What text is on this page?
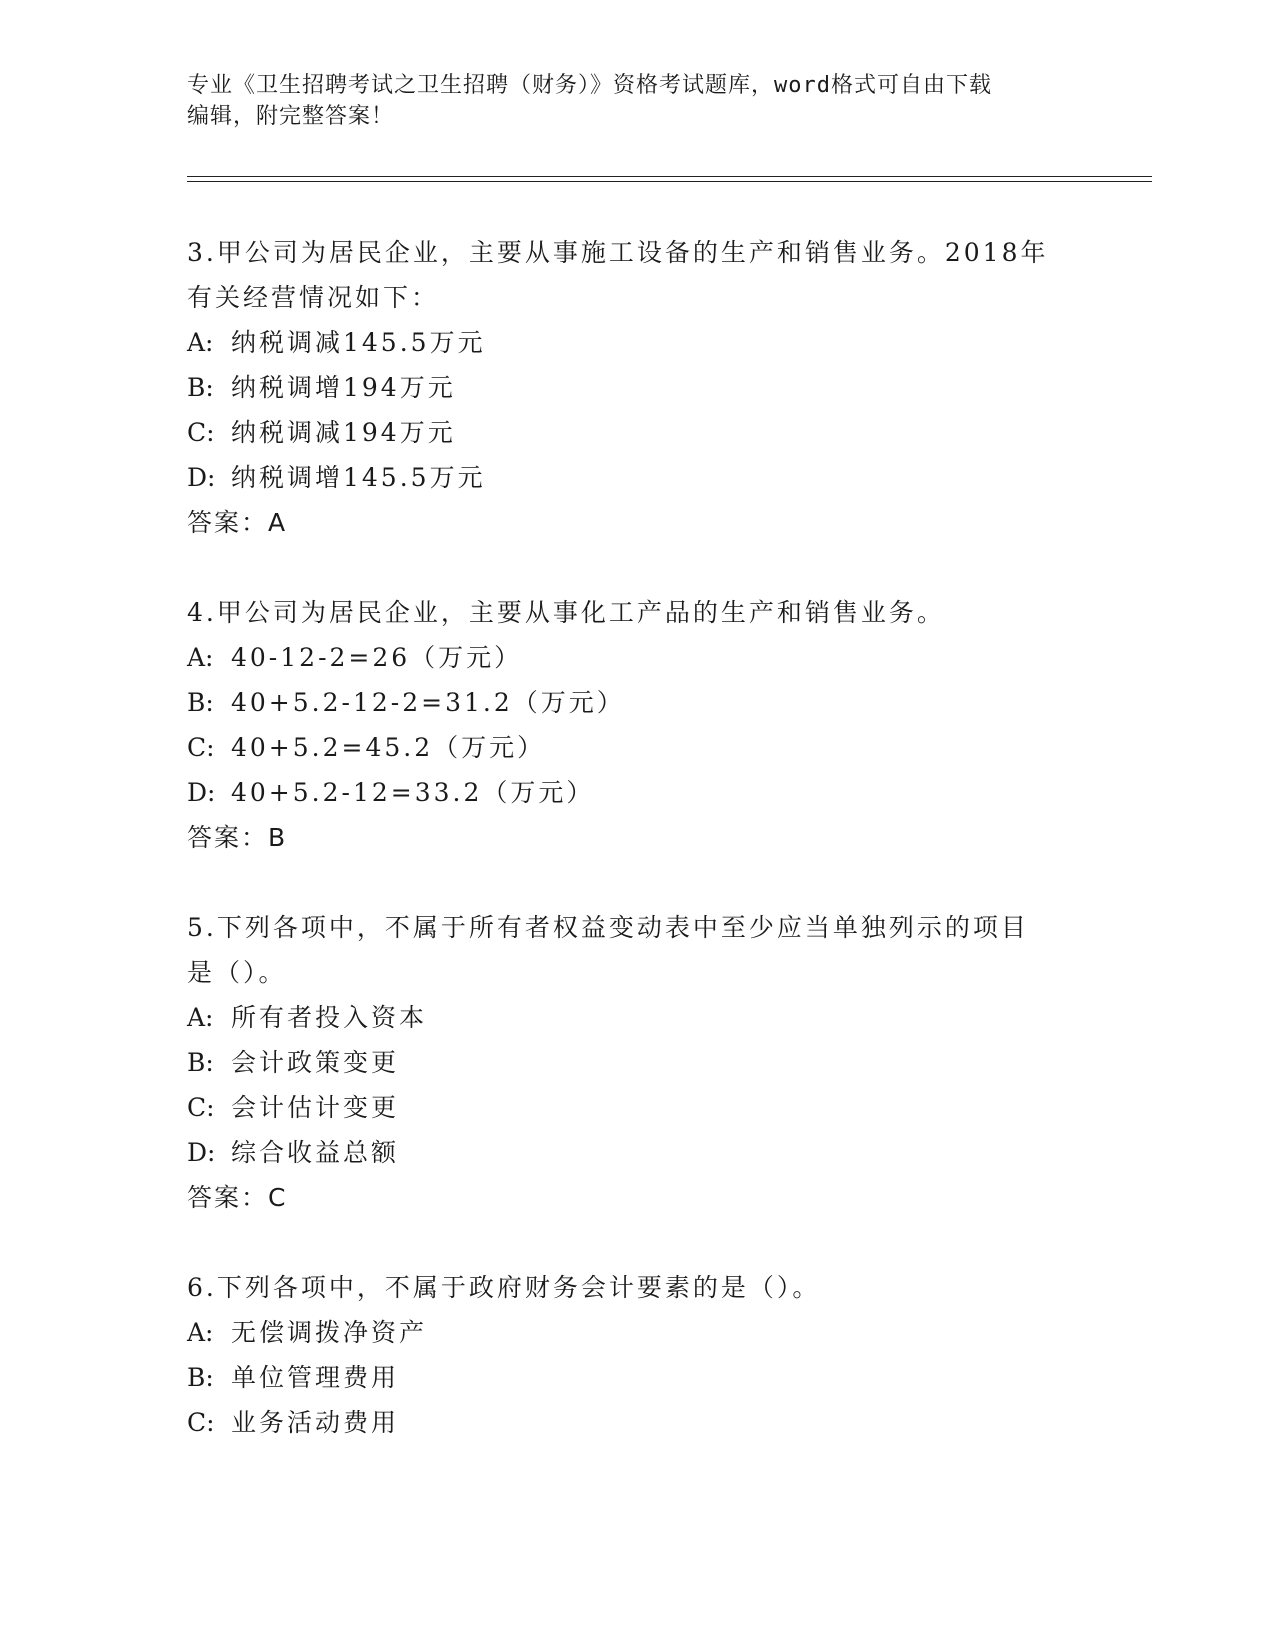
专业《卫生招聘考试之卫生招聘（财务）》资格考试题库，word格式可自由下载
编辑，附完整答案！
3.甲公司为居民企业，主要从事施工设备的生产和销售业务。2018年
有关经营情况如下：
A: 纳税调减145.5万元
B: 纳税调增194万元
C: 纳税调减194万元
D: 纳税调增145.5万元
答案：A
4.甲公司为居民企业，主要从事化工产品的生产和销售业务。
A: 40-12-2=26（万元）
B: 40+5.2-12-2=31.2（万元）
C: 40+5.2=45.2（万元）
D: 40+5.2-12=33.2（万元）
答案：B
5.下列各项中，不属于所有者权益变动表中至少应当单独列示的项目
是（）。
A: 所有者投入资本
B: 会计政策变更
C: 会计估计变更
D: 综合收益总额
答案：C
6.下列各项中，不属于政府财务会计要素的是（）。
A: 无偿调拨净资产
B: 单位管理费用
C: 业务活动费用
